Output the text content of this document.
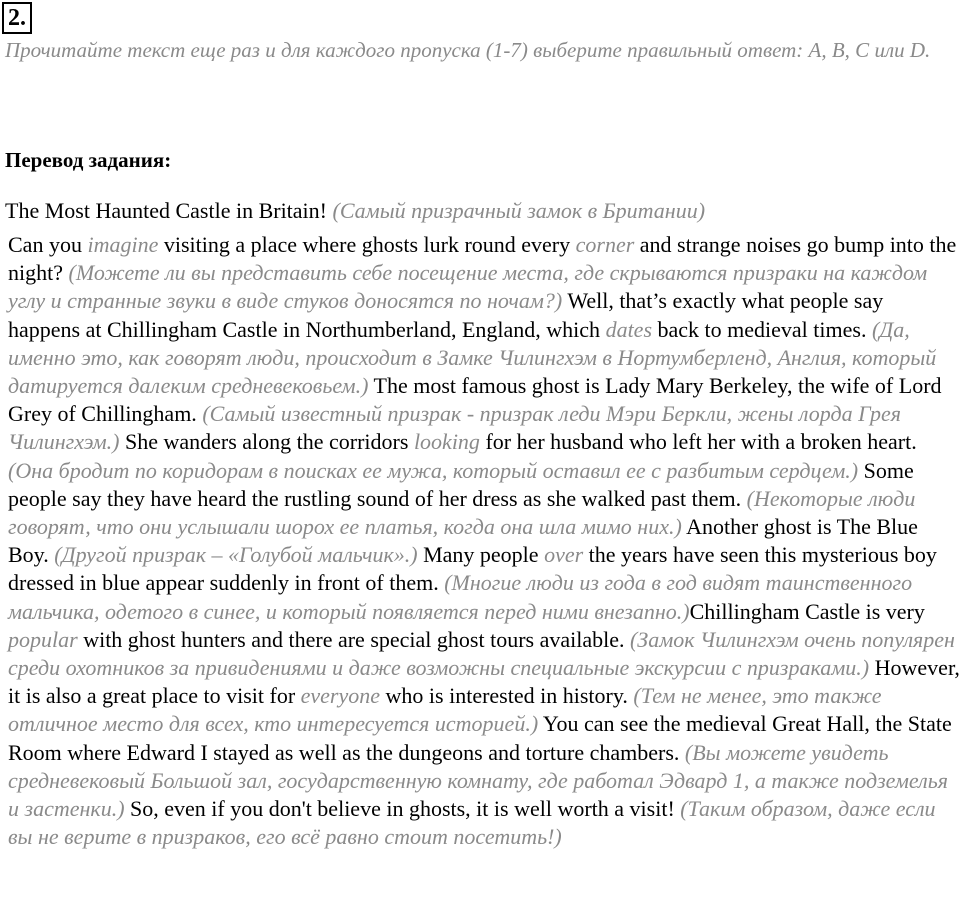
2.
Прочитайте текст еще раз и для каждого пропуска (1-7) выберите правильный ответ: A, B, C или D.
Перевод задания:
The Most Haunted Castle in Britain! (Самый призрачный замок в Британии)
Can you imagine visiting a place where ghosts lurk round every corner and strange noises go bump into the night? (Можете ли вы представить себе посещение места, где скрываются призраки на каждом углу и странные звуки в виде стуков доносятся по ночам?) Well, that’s exactly what people say happens at Chillingham Castle in Northumberland, England, which dates back to medieval times. (Да, именно это, как говорят люди, происходит в Замке Чилингхэм в Нортумберленд, Англия, который датируется далеким средневековьем.) The most famous ghost is Lady Mary Berkeley, the wife of Lord Grey of Chillingham. (Самый известный призрак - призрак леди Мэри Беркли, жены лорда Грея Чилингхэм.) She wanders along the corridors looking for her husband who left her with a broken heart. (Она бродит по коридорам в поисках ее мужа, который оставил ее с разбитым сердцем.) Some people say they have heard the rustling sound of her dress as she walked past them. (Некоторые люди говорят, что они услышали шорох ее платья, когда она шла мимо них.) Another ghost is The Blue Boy. (Другой призрак – «Голубой мальчик».) Many people over the years have seen this mysterious boy dressed in blue appear suddenly in front of them. (Многие люди из года в год видят таинственного мальчика, одетого в синее, и который появляется перед ними внезапно.)Chillingham Castle is very popular with ghost hunters and there are special ghost tours available. (Замок Чилингхэм очень популярен среди охотников за привидениями и даже возможны специальные экскурсии с призраками.) However, it is also a great place to visit for everyone who is interested in history. (Тем не менее, это также отличное место для всех, кто интересуется историей.) You can see the medieval Great Hall, the State Room where Edward I stayed as well as the dungeons and torture chambers. (Вы можете увидеть средневековый Большой зал, государственную комнату, где работал Эдвард 1, а также подземелья и застенки.) So, even if you don't believe in ghosts, it is well worth a visit! (Таким образом, даже если вы не верите в призраков, его всё равно стоит посетить!)
